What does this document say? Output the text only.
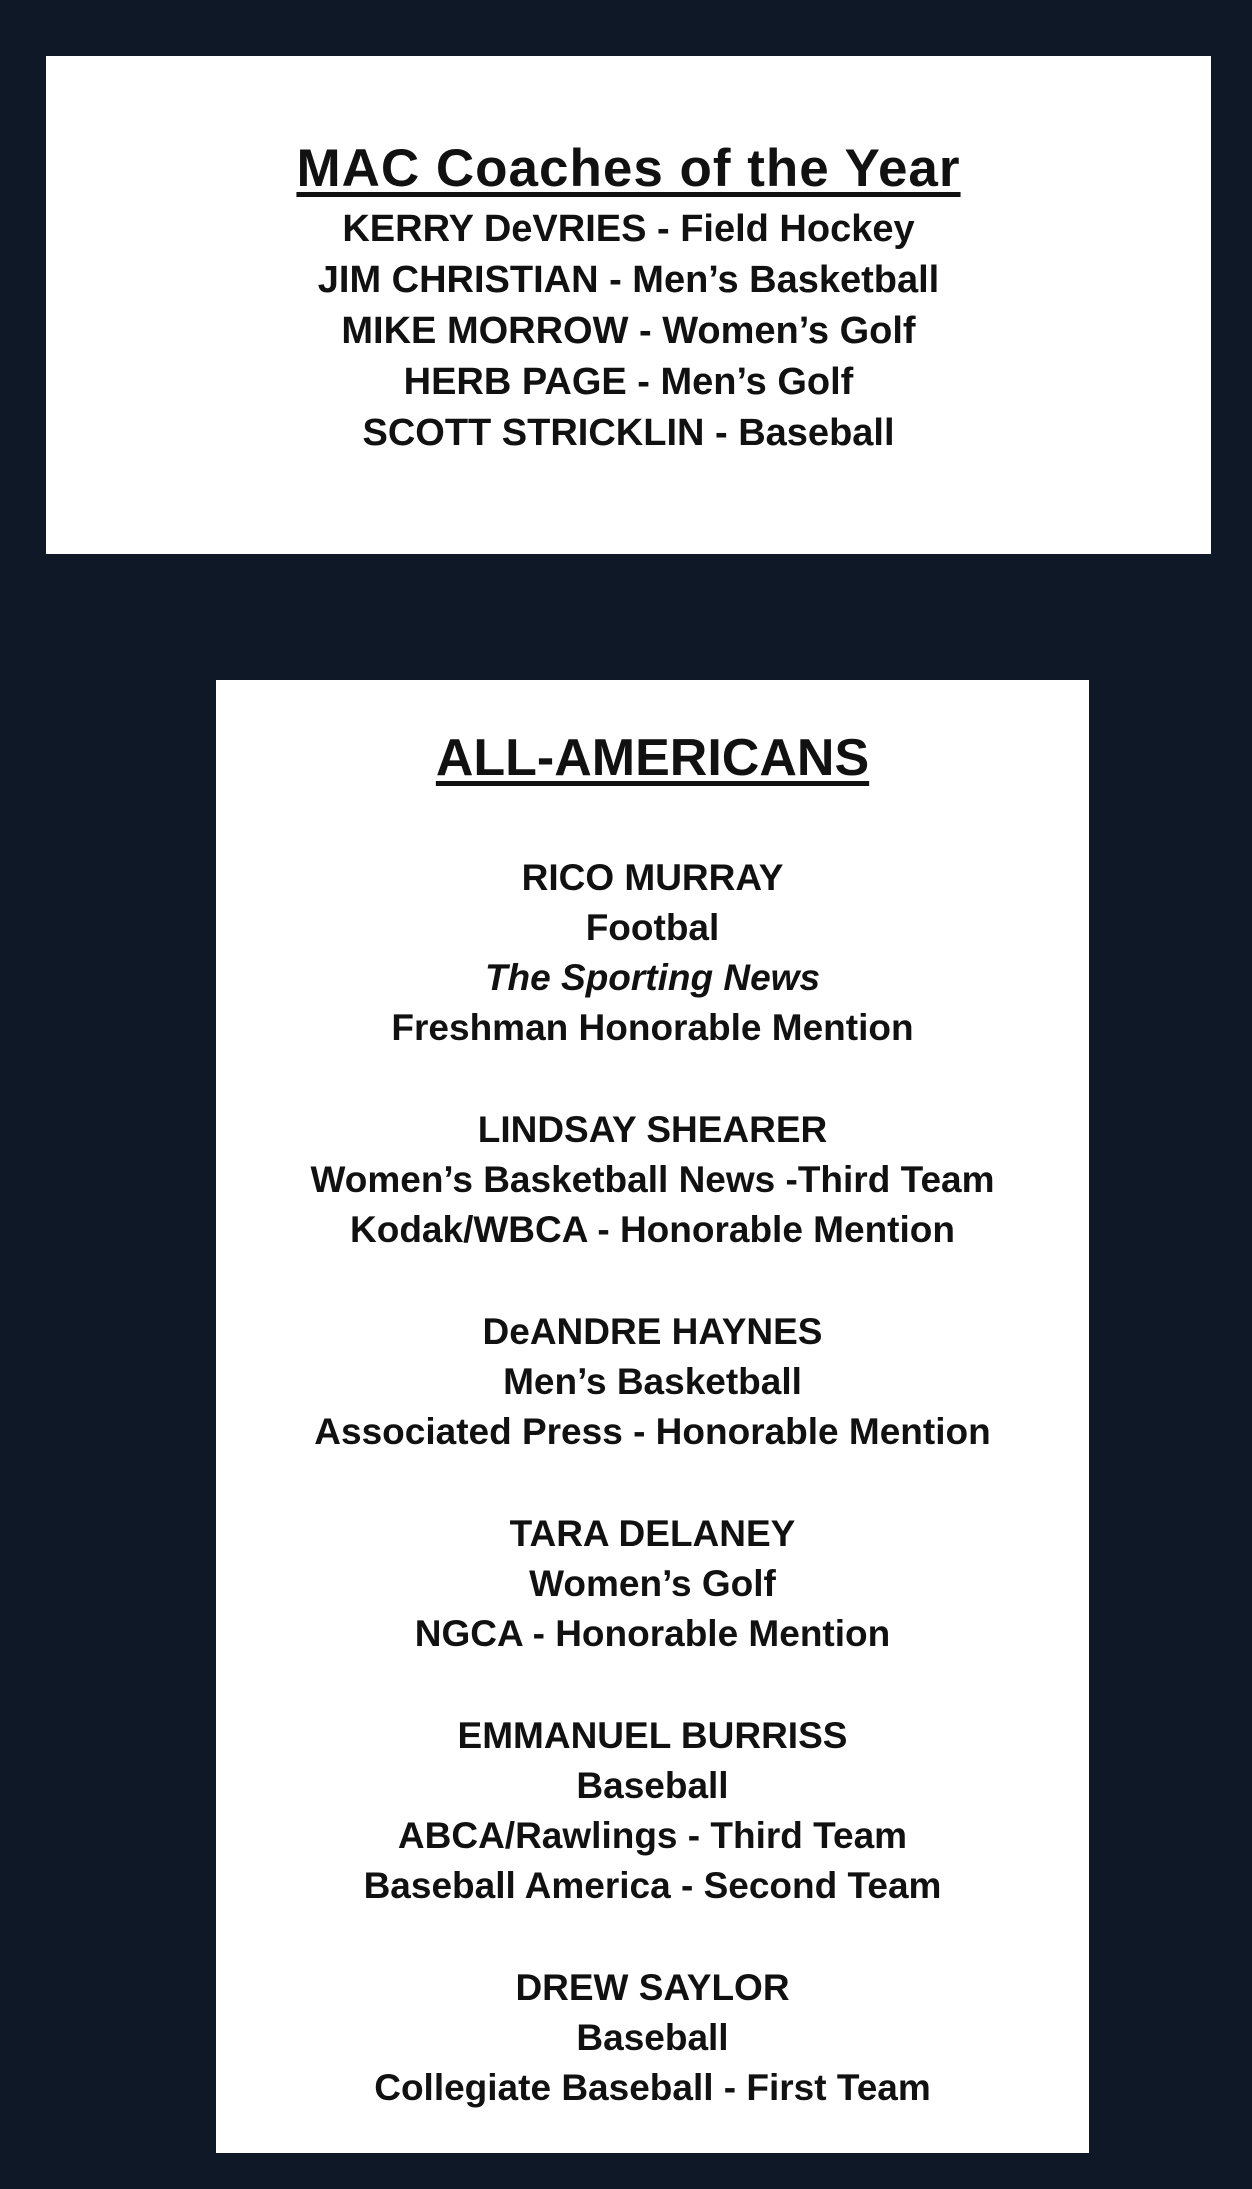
MAC Coaches of the Year
KERRY DeVRIES - Field Hockey
JIM CHRISTIAN - Men’s Basketball
MIKE MORROW - Women’s Golf
HERB PAGE - Men’s Golf
SCOTT STRICKLIN - Baseball
ALL-AMERICANS
RICO MURRAY
Footbal
The Sporting News
Freshman Honorable Mention
LINDSAY SHEARER
Women’s Basketball News -Third Team
Kodak/WBCA - Honorable Mention
DeANDRE HAYNES
Men’s Basketball
Associated Press - Honorable Mention
TARA DELANEY
Women’s Golf
NGCA - Honorable Mention
EMMANUEL BURRISS
Baseball
ABCA/Rawlings - Third Team
Baseball America - Second Team
DREW SAYLOR
Baseball
Collegiate Baseball - First Team
